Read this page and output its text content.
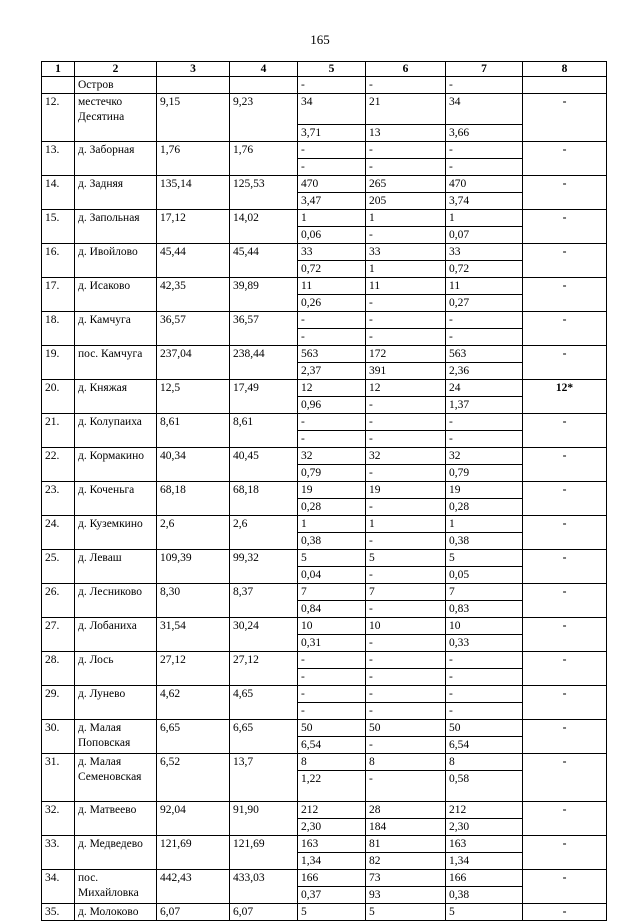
165
1	2	3	4	5	6	7	8
	Остров			-	-	-	
12.	местечко Десятина	9,15	9,23	34	21	34	-
				3,71	13	3,66	
13.	д. Заборная	1,76	1,76	-	-	-	-
				-	-	-	
14.	д. Задняя	135,14	125,53	470	265	470	-
				3,47	205	3,74	
15.	д. Запольная	17,12	14,02	1	1	1	-
				0,06	-	0,07	
16.	д. Ивойлово	45,44	45,44	33	33	33	-
				0,72	1	0,72	
17.	д. Исаково	42,35	39,89	11	11	11	-
				0,26	-	0,27	
18.	д. Камчуга	36,57	36,57	-	-	-	-
				-	-	-	
19.	пос. Камчуга	237,04	238,44	563	172	563	-
				2,37	391	2,36	
20.	д. Княжая	12,5	17,49	12	12	24	12*
				0,96	-	1,37	
21.	д. Колупаиха	8,61	8,61	-	-	-	-
				-	-	-	
22.	д. Кормакино	40,34	40,45	32	32	32	-
				0,79	-	0,79	
23.	д. Коченьга	68,18	68,18	19	19	19	-
				0,28	-	0,28	
24.	д. Куземкино	2,6	2,6	1	1	1	-
				0,38	-	0,38	
25.	д. Леваш	109,39	99,32	5	5	5	-
				0,04	-	0,05	
26.	д. Лесниково	8,30	8,37	7	7	7	-
				0,84	-	0,83	
27.	д. Лобаниха	31,54	30,24	10	10	10	-
				0,31	-	0,33	
28.	д. Лось	27,12	27,12	-	-	-	-
				-	-	-	
29.	д. Лунево	4,62	4,65	-	-	-	-
				-	-	-	
30.	д. Малая Поповская	6,65	6,65	50	50	50	-
				6,54	-	6,54	
31.	д. Малая Семеновская	6,52	13,7	8	8	8	-
				1,22	-	0,58	
32.	д. Матвеево	92,04	91,90	212	28	212	-
				2,30	184	2,30	
33.	д. Медведево	121,69	121,69	163	81	163	-
				1,34	82	1,34	
34.	пос. Михайловка	442,43	433,03	166	73	166	-
				0,37	93	0,38	
35.	д. Молоково	6,07	6,07	5	5	5	-
